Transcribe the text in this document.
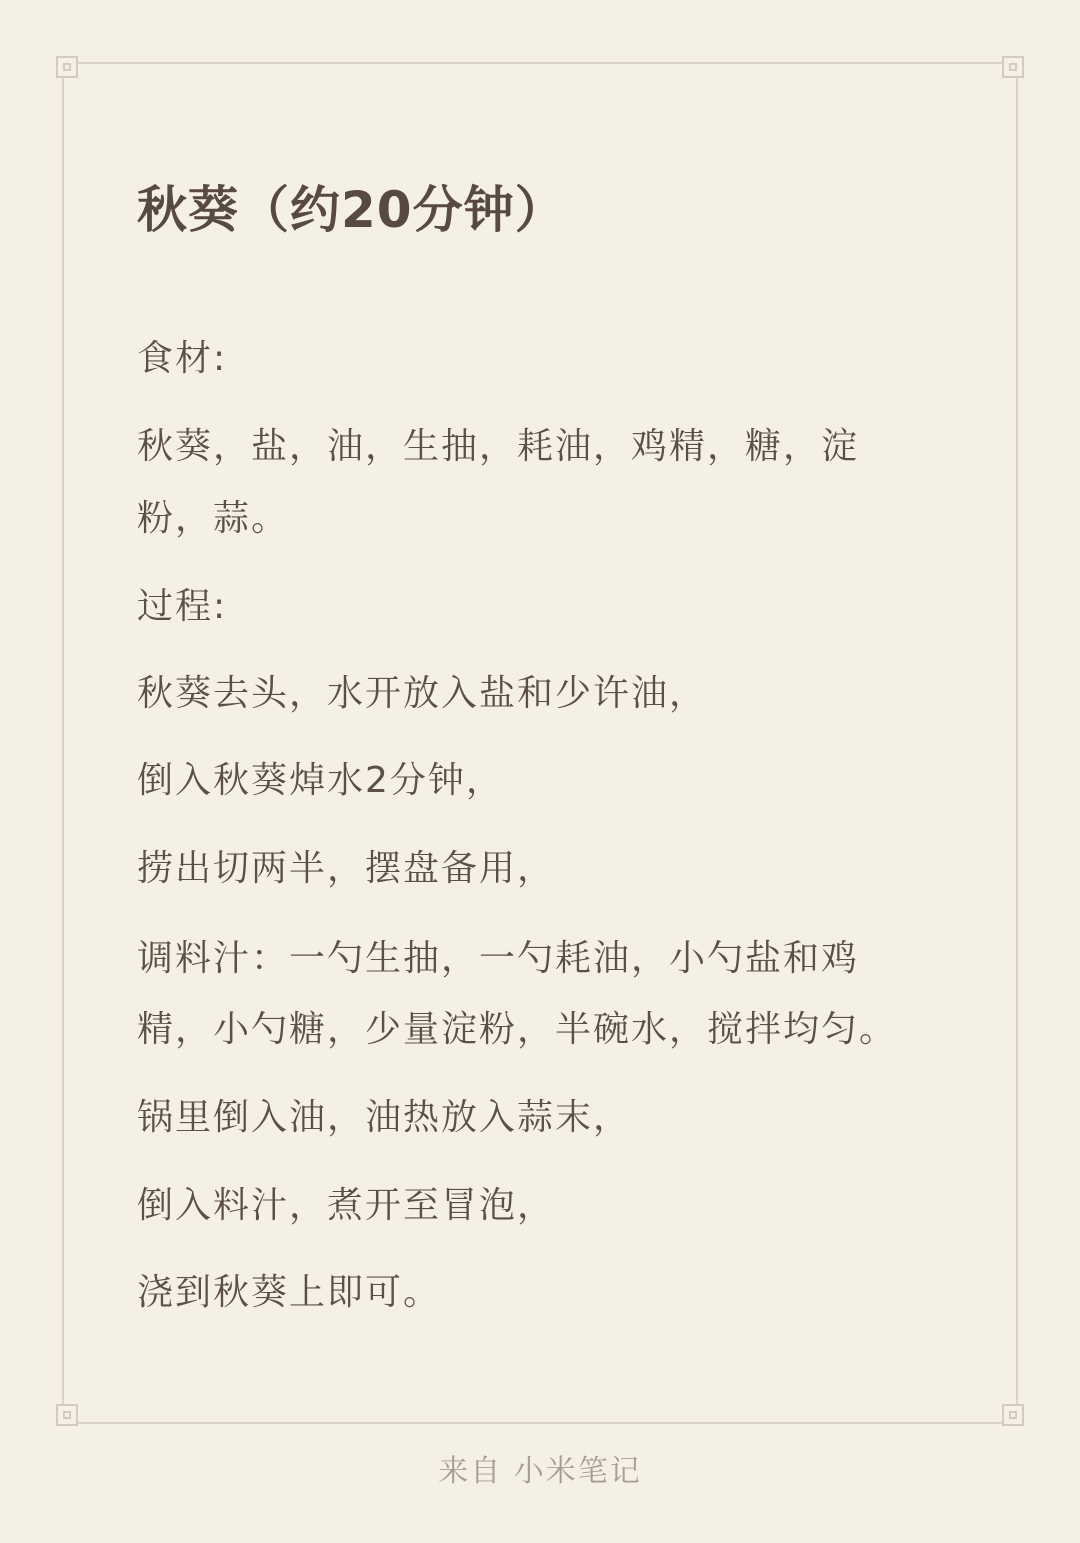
秋葵（约20分钟）
食材:
秋葵，盐，油，生抽，耗油，鸡精，糖，淀
粉，蒜。
过程:
秋葵去头，水开放入盐和少许油，
倒入秋葵焯水2分钟，
捞出切两半，摆盘备用，
调料汁：一勺生抽，一勺耗油，小勺盐和鸡
精，小勺糖，少量淀粉，半碗水，搅拌均匀。
锅里倒入油，油热放入蒜末，
倒入料汁，煮开至冒泡，
浇到秋葵上即可。
来自 小米笔记
